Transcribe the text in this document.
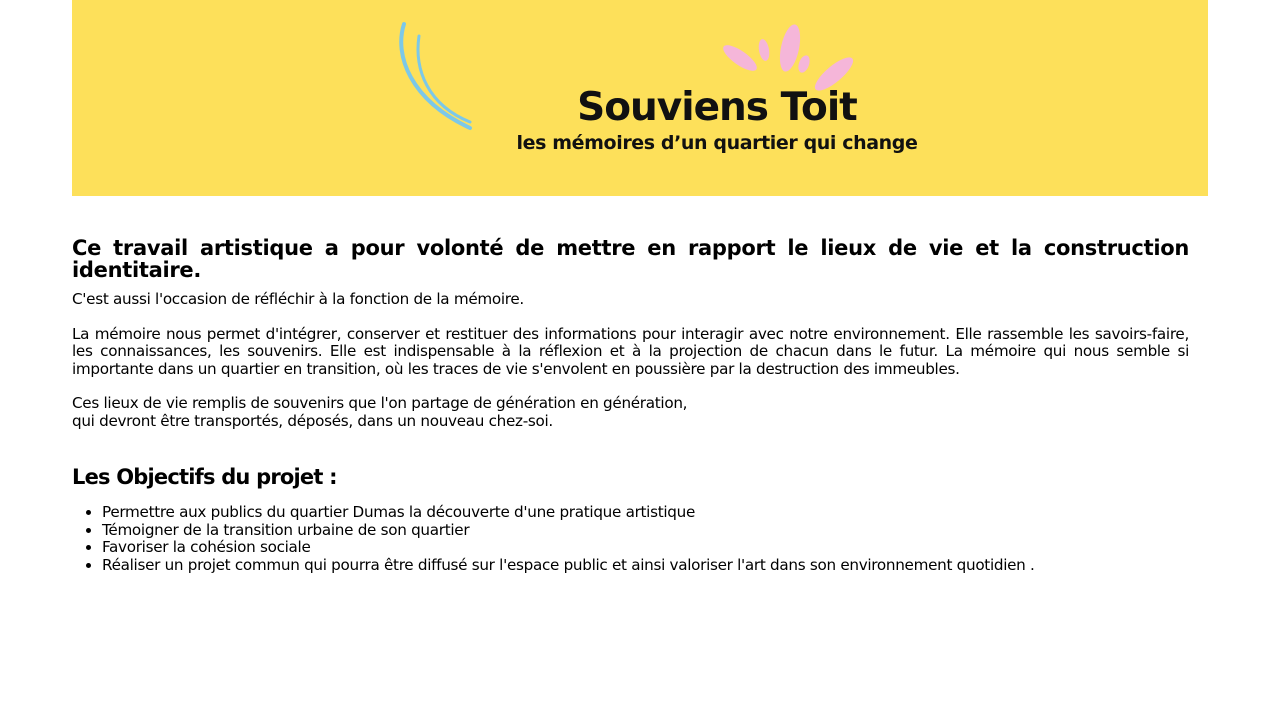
Souviens Toit
les mémoires d’un quartier qui change

Ce travail artistique a pour volonté de mettre en rapport le lieux de vie et la construction identitaire.

C'est aussi l'occasion de réfléchir à la fonction de la mémoire.

La mémoire nous permet d'intégrer, conserver et restituer des informations pour interagir avec notre environnement. Elle rassemble les savoirs-faire, les connaissances, les souvenirs. Elle est indispensable à la réflexion et à la projection de chacun dans le futur. La mémoire qui nous semble si importante dans un quartier en transition, où les traces de vie s'envolent en poussière par la destruction des immeubles.

Ces lieux de vie remplis de souvenirs que l'on partage de génération en génération,
qui devront être transportés, déposés, dans un nouveau chez-soi.

Les Objectifs du projet :
• Permettre aux publics du quartier Dumas la découverte d'une pratique artistique
• Témoigner de la transition urbaine de son quartier
• Favoriser la cohésion sociale
• Réaliser un projet commun qui pourra être diffusé sur l'espace public et ainsi valoriser l'art dans son environnement quotidien .
